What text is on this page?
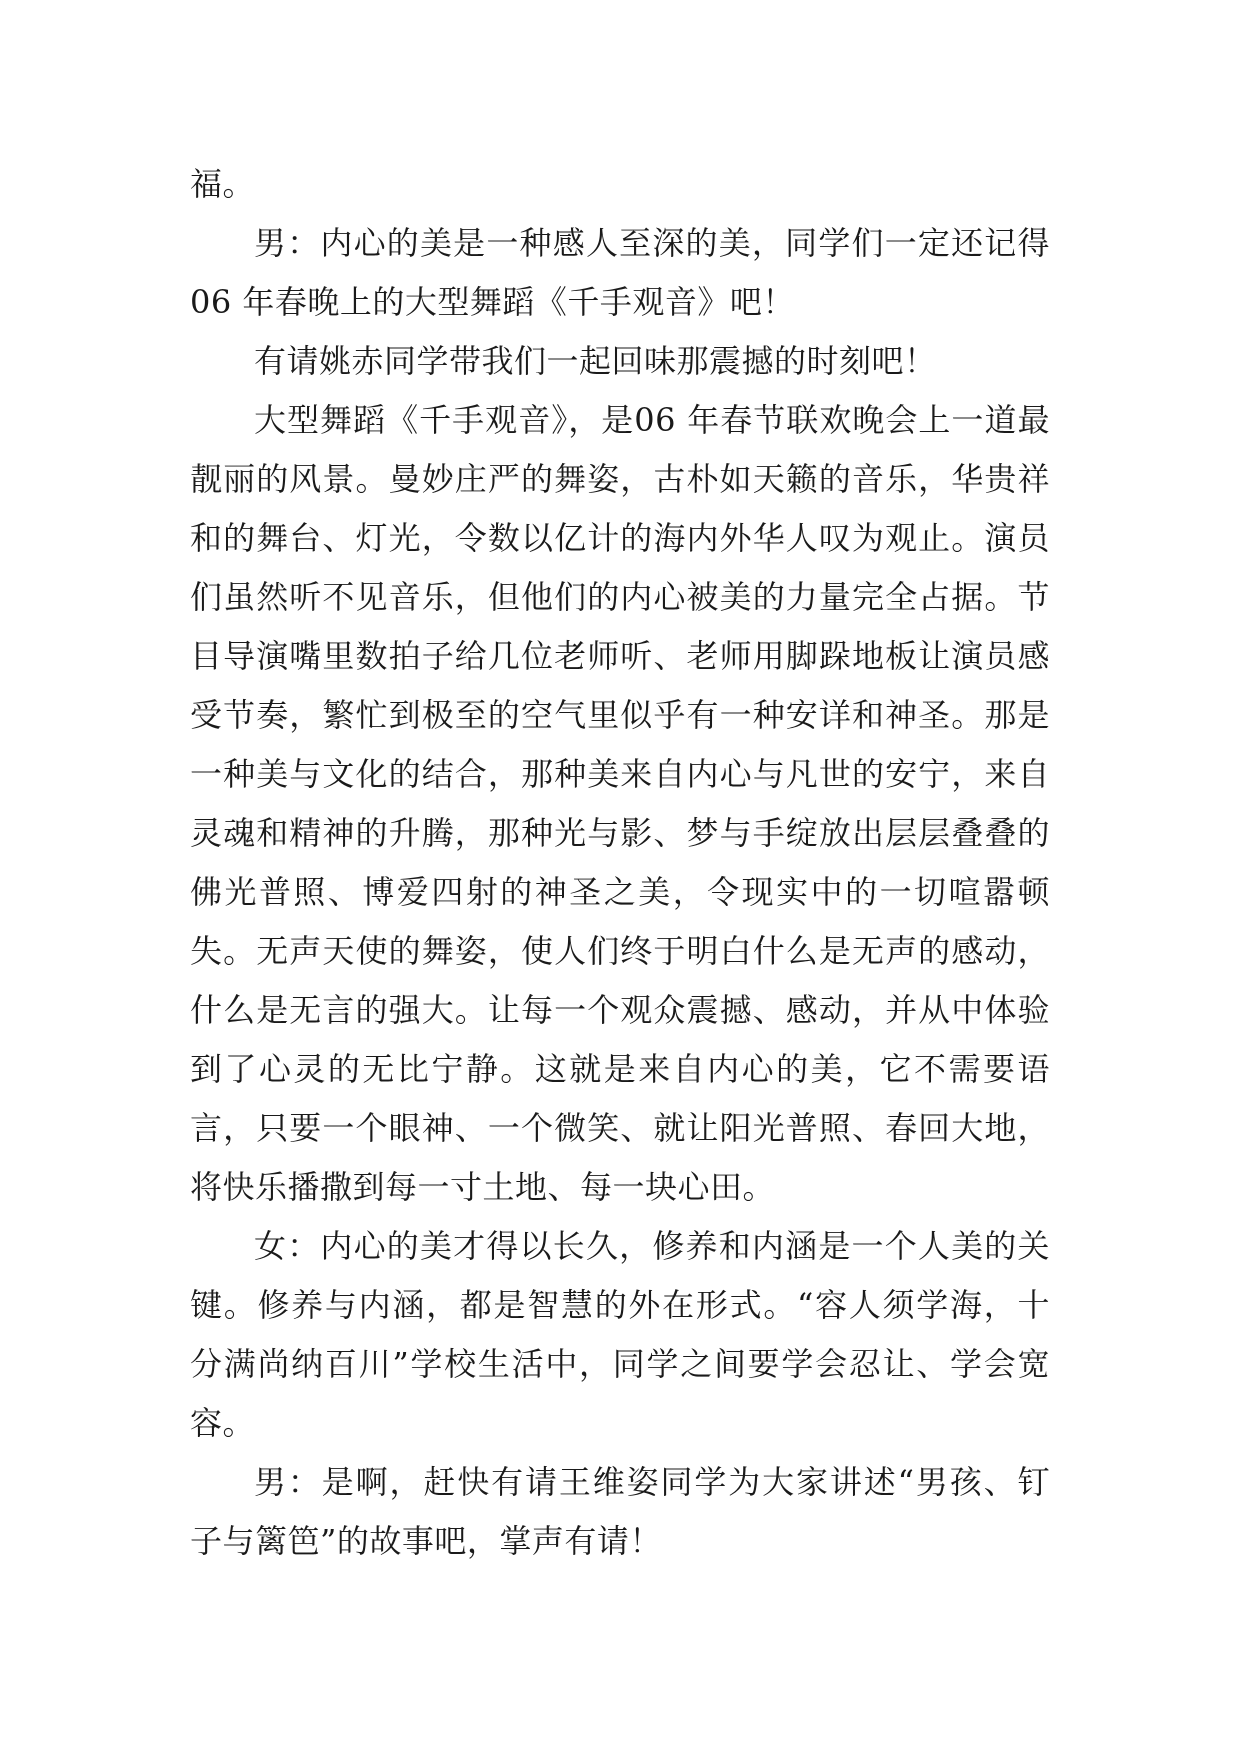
福。

男：内心的美是一种感人至深的美，同学们一定还记得06 年春晚上的大型舞蹈《千手观音》吧！

有请姚赤同学带我们一起回味那震撼的时刻吧！

大型舞蹈《千手观音》，是06 年春节联欢晚会上一道最靓丽的风景。曼妙庄严的舞姿，古朴如天籁的音乐，华贵祥和的舞台、灯光，令数以亿计的海内外华人叹为观止。演员们虽然听不见音乐，但他们的内心被美的力量完全占据。节目导演嘴里数拍子给几位老师听、老师用脚跺地板让演员感受节奏，繁忙到极至的空气里似乎有一种安详和神圣。那是一种美与文化的结合，那种美来自内心与凡世的安宁，来自灵魂和精神的升腾，那种光与影、梦与手绽放出层层叠叠的佛光普照、博爱四射的神圣之美，令现实中的一切喧嚣顿失。无声天使的舞姿，使人们终于明白什么是无声的感动，什么是无言的强大。让每一个观众震撼、感动，并从中体验到了心灵的无比宁静。这就是来自内心的美，它不需要语言，只要一个眼神、一个微笑、就让阳光普照、春回大地，将快乐播撒到每一寸土地、每一块心田。

女：内心的美才得以长久，修养和内涵是一个人美的关键。修养与内涵，都是智慧的外在形式。“容人须学海，十分满尚纳百川”学校生活中，同学之间要学会忍让、学会宽容。

男：是啊，赶快有请王维姿同学为大家讲述“男孩、钉子与篱笆”的故事吧，掌声有请！
